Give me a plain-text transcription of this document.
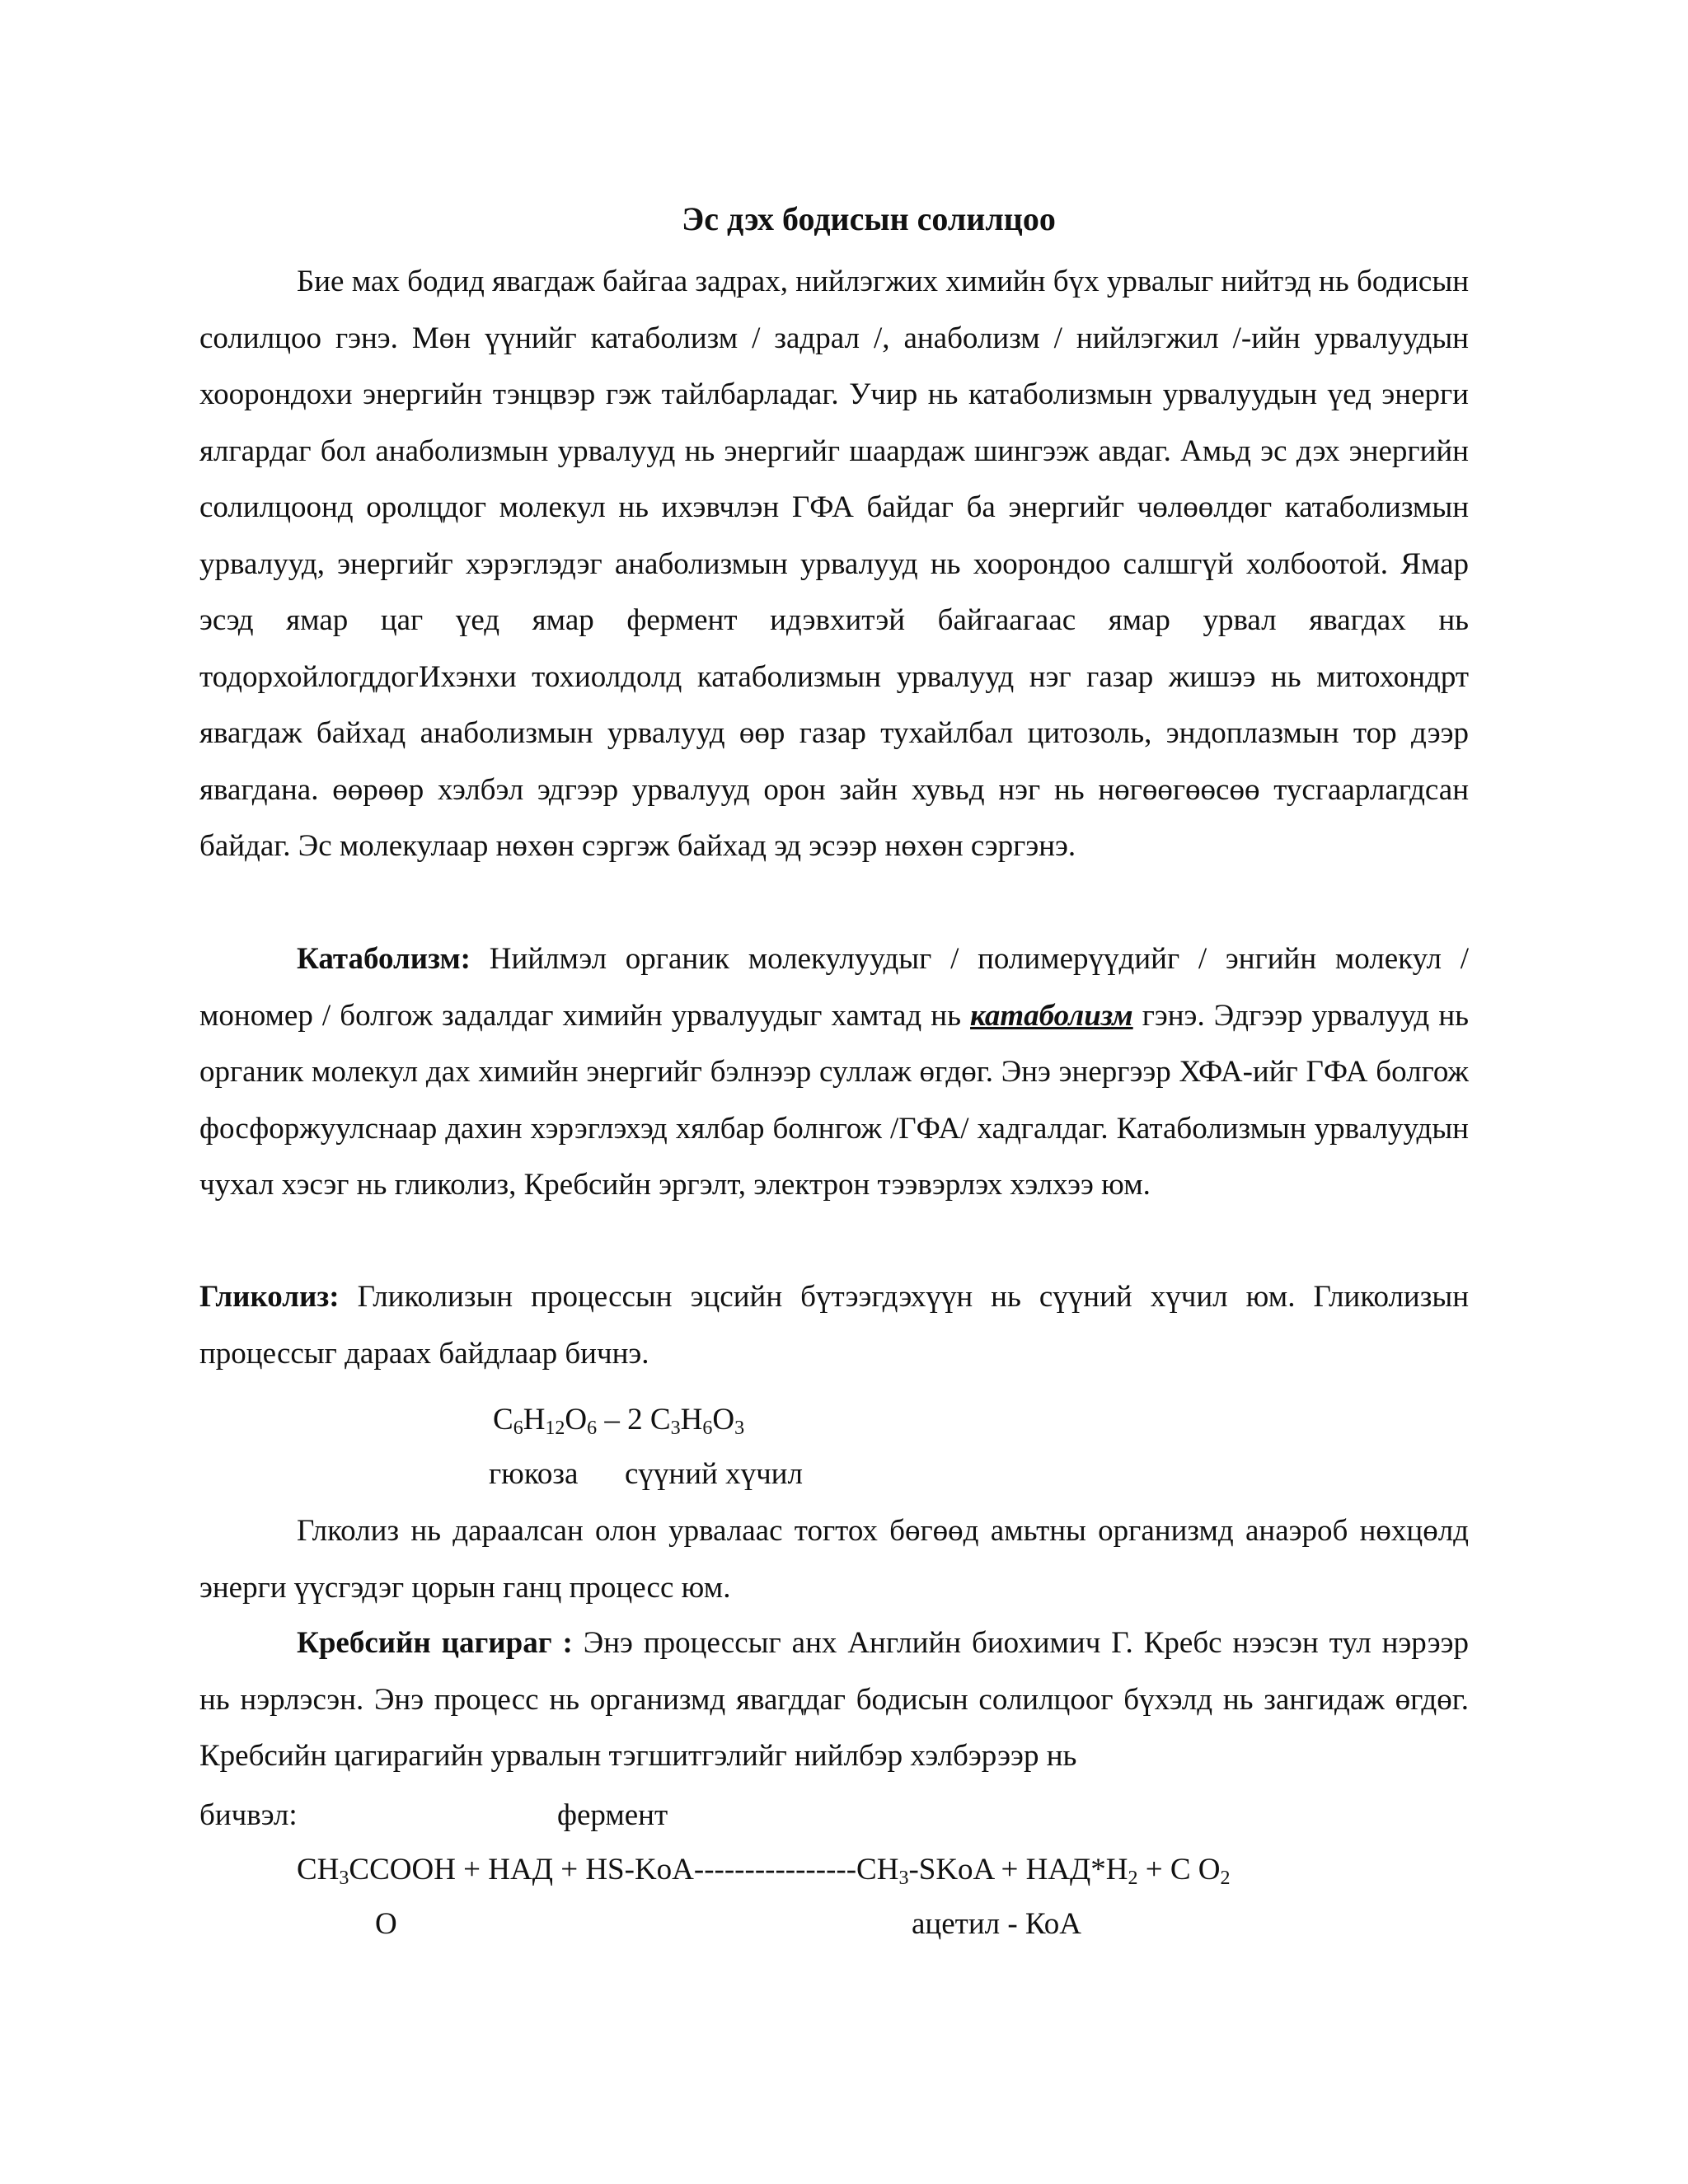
Эс дэх бодисын солилцоо

Бие мах бодид явагдаж байгаа задрах, нийлэгжих химийн бүх урвалыг нийтэд нь бодисын солилцоо гэнэ. Мөн үүнийг катаболизм / задрал /, анаболизм / нийлэгжил /-ийн урвалуудын хоорондохи энергийн тэнцвэр гэж тайлбарладаг. Учир нь катаболизмын урвалуудын үед энерги ялгардаг бол анаболизмын урвалууд нь энергийг шаардаж шингээж авдаг. Амьд эс дэх энергийн солилцоонд оролцдог молекул нь ихэвчлэн ГФА байдаг ба энергийг чөлөөлдөг катаболизмын урвалууд, энергийг хэрэглэдэг анаболизмын урвалууд нь хоорондоо салшгүй холбоотой. Ямар эсэд ямар цаг үед ямар фермент идэвхитэй байгаагаас ямар урвал явагдах нь тодорхойлогддогИхэнхи тохиолдолд катаболизмын урвалууд нэг газар жишээ нь митохондрт явагдаж байхад анаболизмын урвалууд өөр газар тухайлбал цитозоль, эндоплазмын тор дээр явагдана. өөрөөр хэлбэл эдгээр урвалууд орон зайн хувьд нэг нь нөгөөгөөсөө тусгаарлагдсан байдаг. Эс молекулаар нөхөн сэргэж байхад эд эсээр нөхөн сэргэнэ.

Катаболизм: Нийлмэл органик молекулуудыг / полимерүүдийг / энгийн молекул / мономер / болгож задалдаг химийн урвалуудыг хамтад нь катаболизм гэнэ. Эдгээр урвалууд нь органик молекул дах химийн энергийг бэлнээр суллаж өгдөг. Энэ энергээр ХФА-ийг ГФА болгож фосфоржуулснаар дахин хэрэглэхэд хялбар болнгож /ГФА/ хадгалдаг. Катаболизмын урвалуудын чухал хэсэг нь гликолиз, Кребсийн эргэлт, электрон тээвэрлэх хэлхээ юм.

Гликолиз: Гликолизын процессын эцсийн бүтээгдэхүүн нь сүүний хүчил юм. Гликолизын процессыг дараах байдлаар бичнэ.

$C_6H_{12}O_6 - 2$ $C_3H_6O_3$
гюкоза сүүний хүчил

Глколиз нь дараалсан олон урвалаас тогтох бөгөөд амьтны организмд анаэроб нөхцөлд энерги үүсгэдэг цорын ганц процесс юм.

Кребсийн цагираг : Энэ процессыг анх Английн биохимич Г. Кребс нээсэн тул нэрээр нь нэрлэсэн. Энэ процесс нь организмд явагддаг бодисын солилцоог бүхэлд нь зангидаж өгдөг. Кребсийн цагирагийн урвалын тэгшитгэлийг нийлбэр хэлбэрээр нь

бичвэл:	фермент
$CH_3CCOOH$ + НАД + $HS-KoA----------------CH_3$-SKoA + $НАД*H_2 + C$ $O_2$
O	ацетил - КоА
